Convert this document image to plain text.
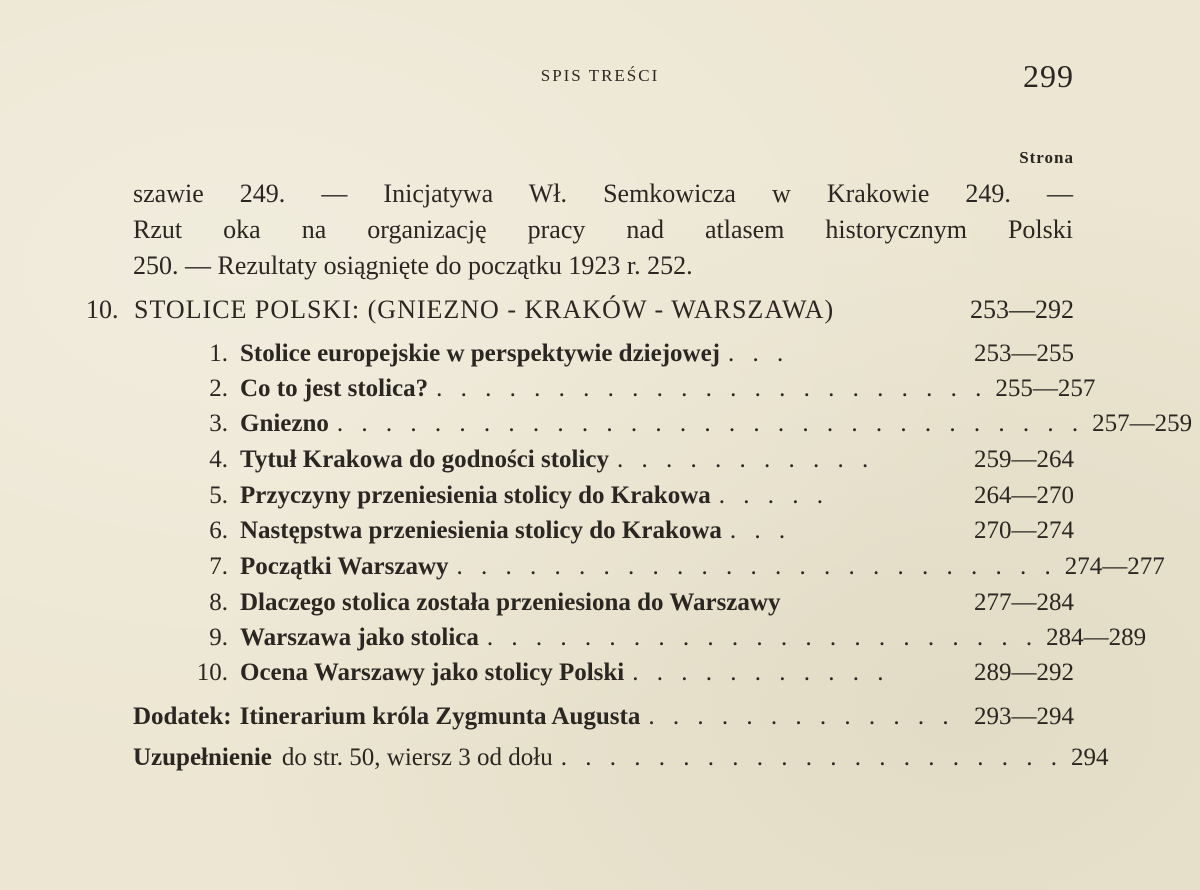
SPIS TREŚCI	299
Strona

szawie 249. — Inicjatywa Wł. Semkowicza w Krakowie 249. —

Rzut oka na organizację pracy nad atlasem historycznym Polski

250. — Rezultaty osiągnięte do początku 1923 r. 252.

10. STOLICE POLSKI: (GNIEZNO - KRAKÓW - WARSZAWA)	253—292
1. Stolice europejskie w perspektywie dziejowej . . .	253—255
2. Co to jest stolica? . . . . . . . . . . . . . . . . . . . . . . . 255—257
3. Gniezno . . . . . . . . . . . . . . . . . . . . . . . . . . . . . . . 257—259
4. Tytuł Krakowa do godności stolicy . . . . . . . . . . .	259—264
5. Przyczyny przeniesienia stolicy do Krakowa . . . . .	264—270
6. Następstwa przeniesienia stolicy do Krakowa . . .	270—274
7. Początki Warszawy . . . . . . . . . . . . . . . . . . . . . . . . . 274—277
8. Dlaczego stolica została przeniesiona do Warszawy	277—284
9. Warszawa jako stolica . . . . . . . . . . . . . . . . . . . . . . . 284—289
10. Ocena Warszawy jako stolicy Polski . . . . . . . . . . .	289—292
Dodatek: Itinerarium króla Zygmunta Augusta . . . . . . . . . . . . . 293—294
Uzupełnienie do str. 50, wiersz 3 od dołu . . . . . . . . . . . . . . . . . . . . . 294
